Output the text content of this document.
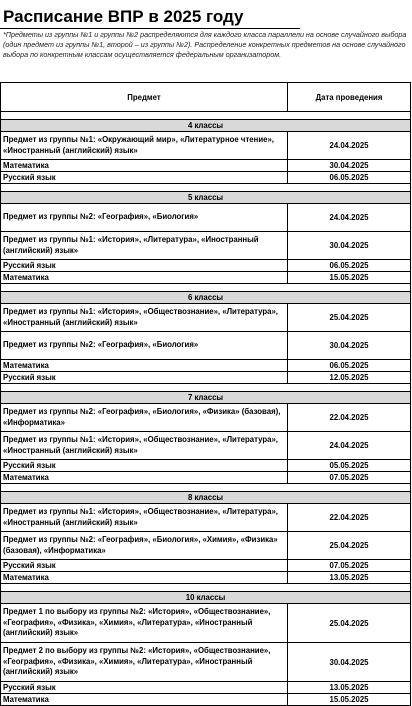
Расписание ВПР в 2025 году

*Предметы из группы №1 и группы №2 распределяются для каждого класса параллели на основе случайного выбора (один предмет из группы №1, второй – из группы №2). Распределение конкретных предметов на основе случайного выбора по конкретным классам осуществляется федеральным организатором.

Предмет	Дата проведения

4 классы	
Предмет из группы №1: «Окружающий мир», «Литературное чтение», «Иностранный (английский) язык»	24.04.2025
Математика	30.04.2025
Русский язык	06.05.2025

5 классы	
Предмет из группы №2: «География», «Биология»	24.04.2025
Предмет из группы №1: «История», «Литература», «Иностранный (английский) язык»	30.04.2025
Русский язык	06.05.2025
Математика	15.05.2025

6 классы	
Предмет из группы №1: «История», «Обществознание», «Литература», «Иностранный (английский) язык»	25.04.2025
Предмет из группы №2: «География», «Биология»	30.04.2025
Математика	06.05.2025
Русский язык	12.05.2025

7 классы	
Предмет из группы №2: «География», «Биология», «Физика» (базовая), «Информатика»	22.04.2025
Предмет из группы №1: «История», «Обществознание», «Литература», «Иностранный (английский) язык»	24.04.2025
Русский язык	05.05.2025
Математика	07.05.2025

8 классы	
Предмет из группы №1: «История», «Обществознание», «Литература», «Иностранный (английский) язык»	22.04.2025
Предмет из группы №2: «География», «Биология», «Химия», «Физика» (базовая), «Информатика»	25.04.2025
Русский язык	07.05.2025
Математика	13.05.2025

10 классы	
Предмет 1 по выбору из группы №2: «История», «Обществознание», «География», «Физика», «Химия», «Литература», «Иностранный (английский) язык»	25.04.2025
Предмет 2 по выбору из группы №2: «История», «Обществознание», «География», «Физика», «Химия», «Литература», «Иностранный (английский) язык»	30.04.2025
Русский язык	13.05.2025
Математика	15.05.2025
